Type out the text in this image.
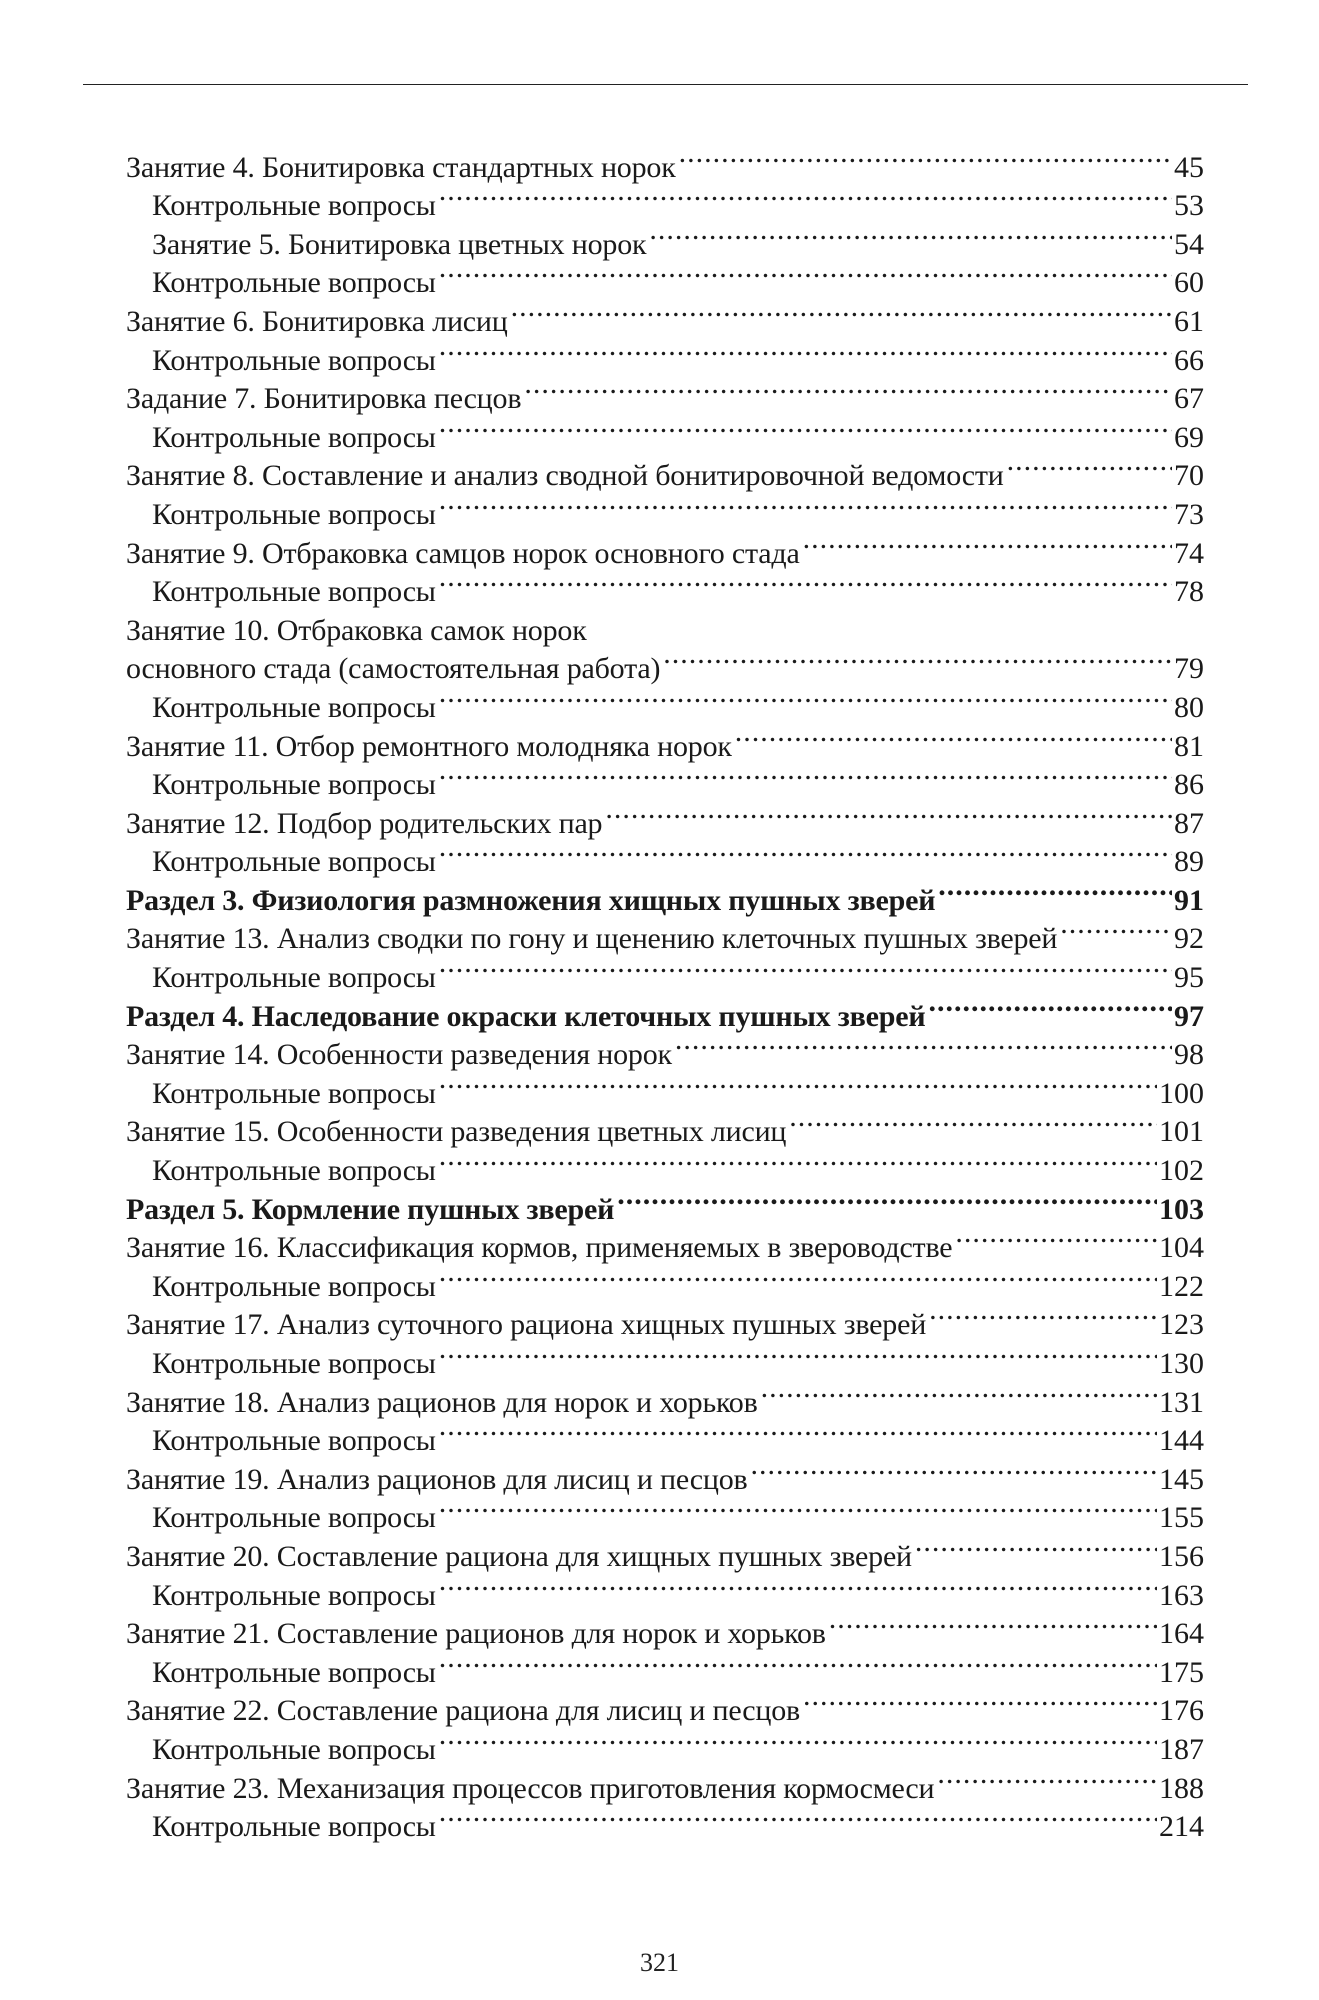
Занятие 4. Бонитировка стандартных норок .....	45
Контрольные вопросы .....	53
Занятие 5. Бонитировка цветных норок .....	54
Контрольные вопросы .....	60
Занятие 6. Бонитировка лисиц .....	61
Контрольные вопросы .....	66
Задание 7. Бонитировка песцов .....	67
Контрольные вопросы .....	69
Занятие 8. Составление и анализ сводной бонитировочной ведомости .....	70
Контрольные вопросы .....	73
Занятие 9. Отбраковка самцов норок основного стада .....	74
Контрольные вопросы .....	78
Занятие 10. Отбраковка самок норок
основного стада (самостоятельная работа) .....	79
Контрольные вопросы .....	80
Занятие 11. Отбор ремонтного молодняка норок .....	81
Контрольные вопросы .....	86
Занятие 12. Подбор родительских пар .....	87
Контрольные вопросы .....	89
Раздел 3. Физиология размножения хищных пушных зверей .....	91
Занятие 13. Анализ сводки по гону и щенению клеточных пушных зверей .....	92
Контрольные вопросы .....	95
Раздел 4. Наследование окраски клеточных пушных зверей .....	97
Занятие 14. Особенности разведения норок .....	98
Контрольные вопросы .....	100
Занятие 15. Особенности разведения цветных лисиц .....	101
Контрольные вопросы .....	102
Раздел 5. Кормление пушных зверей .....	103
Занятие 16. Классификация кормов, применяемых в звероводстве .....	104
Контрольные вопросы .....	122
Занятие 17. Анализ суточного рациона хищных пушных зверей .....	123
Контрольные вопросы .....	130
Занятие 18. Анализ рационов для норок и хорьков .....	131
Контрольные вопросы .....	144
Занятие 19. Анализ рационов для лисиц и песцов .....	145
Контрольные вопросы .....	155
Занятие 20. Составление рациона для хищных пушных зверей .....	156
Контрольные вопросы .....	163
Занятие 21. Составление рационов для норок и хорьков .....	164
Контрольные вопросы .....	175
Занятие 22. Составление рациона для лисиц и песцов .....	176
Контрольные вопросы .....	187
Занятие 23. Механизация процессов приготовления кормосмеси .....	188
Контрольные вопросы .....	214
321
